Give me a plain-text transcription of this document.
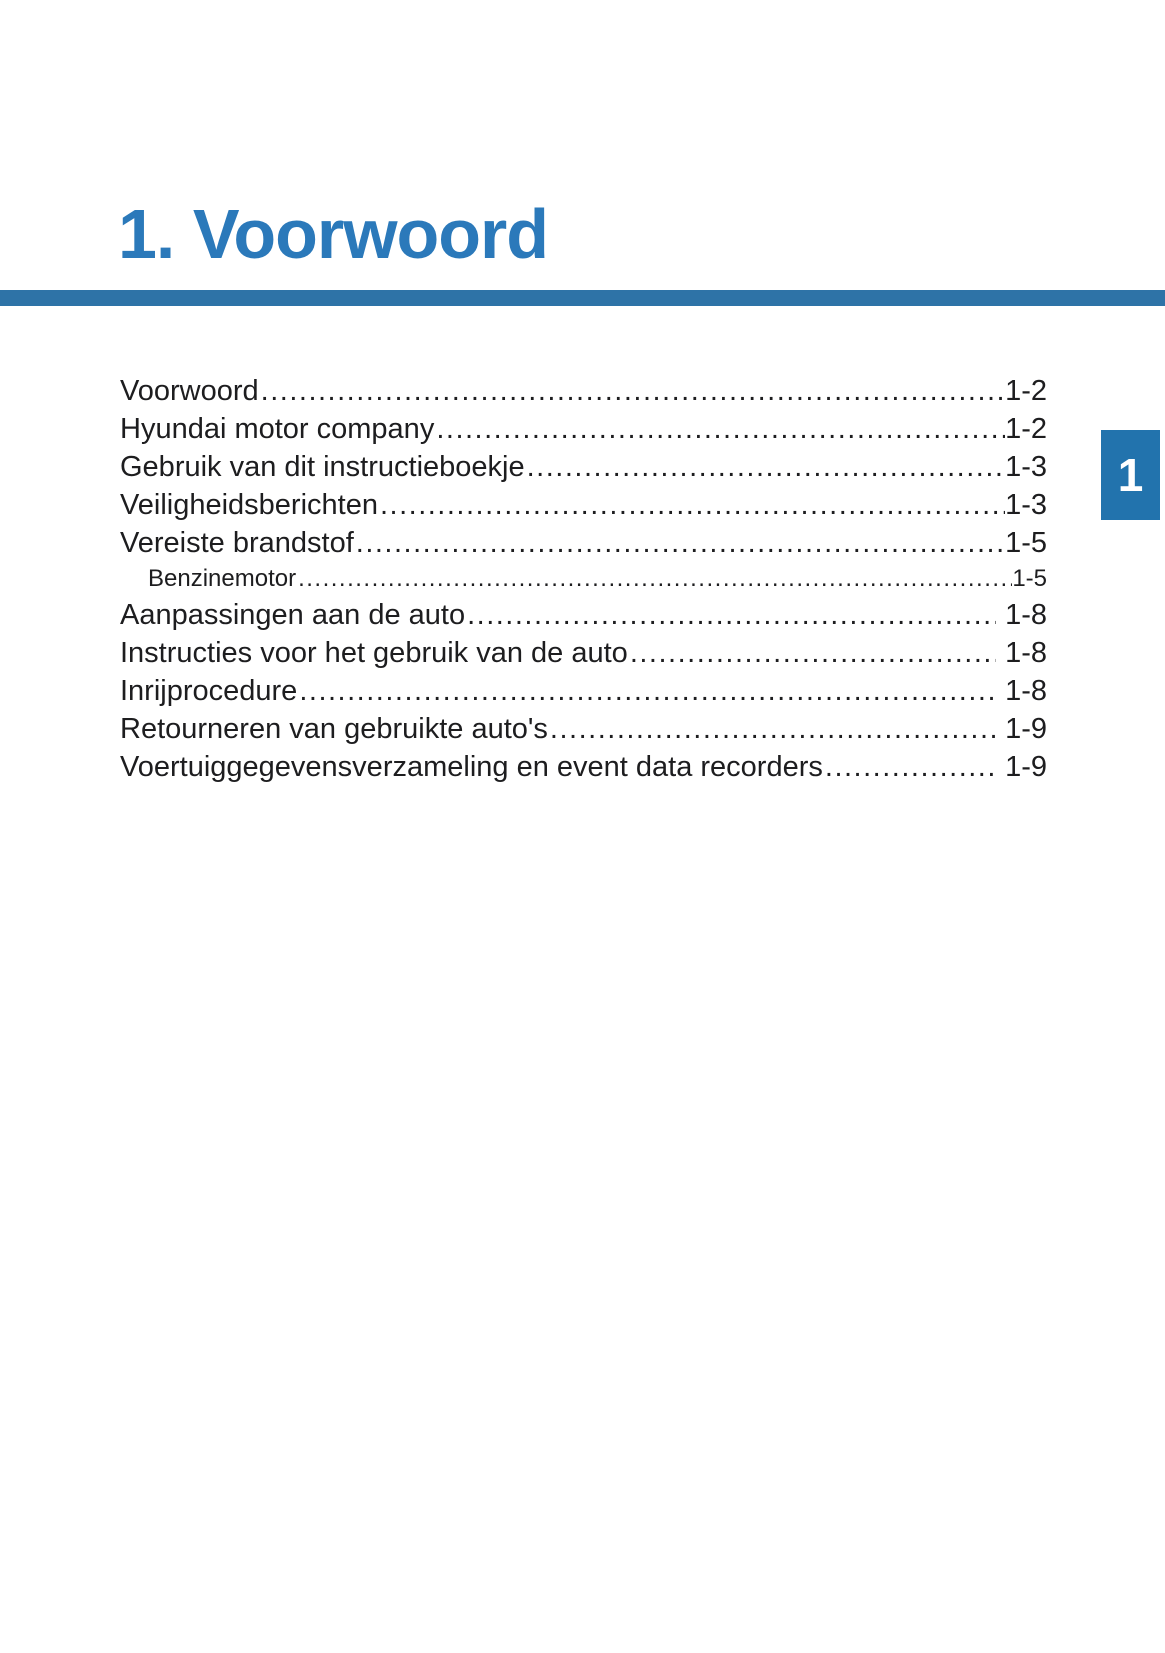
1. Voorwoord
Voorwoord .....	1-2
Hyundai motor company .....	1-2
Gebruik van dit instructieboekje .....	1-3
Veiligheidsberichten .....	1-3
Vereiste brandstof .....	1-5
Benzinemotor .....	1-5
Aanpassingen aan de auto .....	1-8
Instructies voor het gebruik van de auto .....	1-8
Inrijprocedure .....	1-8
Retourneren van gebruikte auto's .....	1-9
Voertuiggegevensverzameling en event data recorders .....	1-9
1
